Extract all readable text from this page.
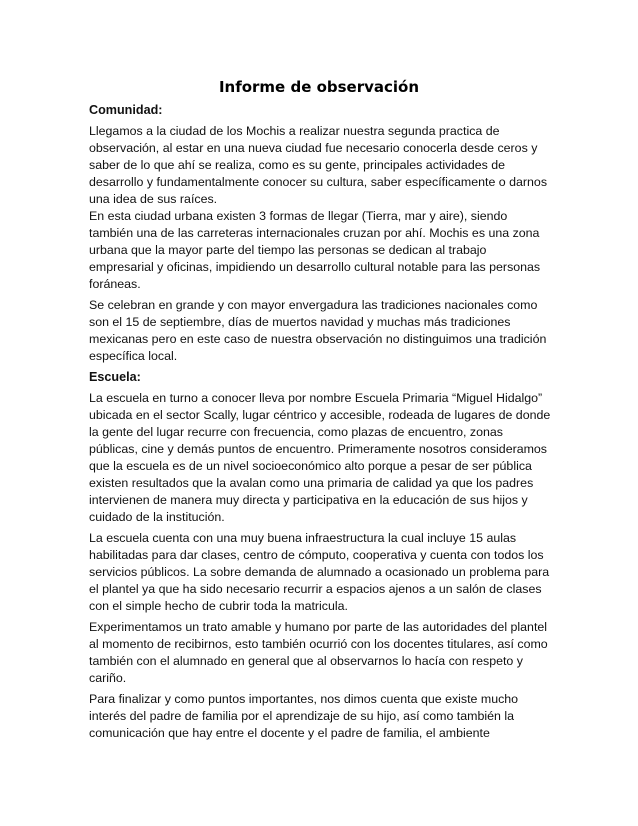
Informe de observación
Comunidad:

Llegamos a la ciudad de los Mochis a realizar nuestra segunda practica de observación, al estar en una nueva ciudad fue necesario conocerla desde ceros y saber de lo que ahí se realiza, como es su gente, principales actividades de desarrollo y fundamentalmente conocer su cultura, saber específicamente o darnos una idea de sus raíces.

En esta ciudad urbana existen 3 formas de llegar (Tierra, mar y aire), siendo también una de las carreteras internacionales cruzan por ahí. Mochis es una zona urbana que la mayor parte del tiempo las personas se dedican al trabajo empresarial y oficinas, impidiendo un desarrollo cultural notable para las personas foráneas.

Se celebran en grande y con mayor envergadura las tradiciones nacionales como son el 15 de septiembre, días de muertos navidad y muchas más tradiciones mexicanas pero en este caso de nuestra observación no distinguimos una tradición específica local.

Escuela:

La escuela en turno a conocer lleva por nombre Escuela Primaria “Miguel Hidalgo” ubicada en el sector Scally, lugar céntrico y accesible, rodeada de lugares de donde la gente del lugar recurre con frecuencia, como plazas de encuentro, zonas públicas, cine y demás puntos de encuentro. Primeramente nosotros consideramos que la escuela es de un nivel socioeconómico alto porque a pesar de ser pública existen resultados que la avalan como una primaria de calidad ya que los padres intervienen de manera muy directa y participativa en la educación de sus hijos y cuidado de la institución.

La escuela cuenta con una muy buena infraestructura la cual incluye 15 aulas habilitadas para dar clases, centro de cómputo, cooperativa y cuenta con todos los servicios públicos. La sobre demanda de alumnado a ocasionado un problema para el plantel ya que ha sido necesario recurrir a espacios ajenos a un salón de clases con el simple hecho de cubrir toda la matricula.

Experimentamos un trato amable y humano por parte de las autoridades del plantel al momento de recibirnos, esto también ocurrió con los docentes titulares, así como también con el alumnado en general que al observarnos lo hacía con respeto y cariño.

Para finalizar y como puntos importantes, nos dimos cuenta que existe mucho interés del padre de familia por el aprendizaje de su hijo, así como también la comunicación que hay entre el docente y el padre de familia, el ambiente
